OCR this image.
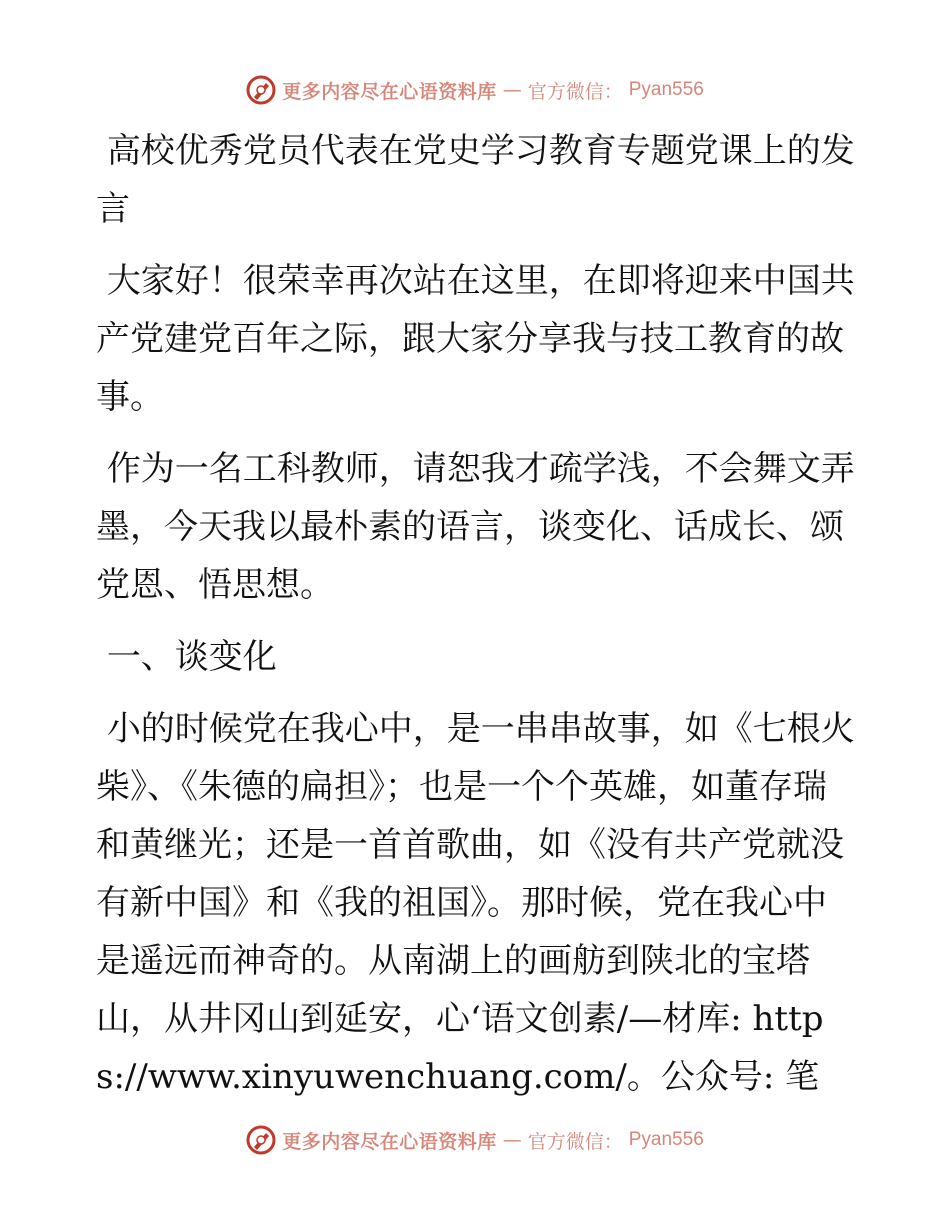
更多内容尽在心语资料库 — 官方微信： Pyan556

高校优秀党员代表在党史学习教育专题党课上的发言

大家好！很荣幸再次站在这里，在即将迎来中国共产党建党百年之际，跟大家分享我与技工教育的故事。

作为一名工科教师，请恕我才疏学浅，不会舞文弄墨，今天我以最朴素的语言，谈变化、话成长、颂党恩、悟思想。

一、谈变化

小的时候党在我心中，是一串串故事，如《七根火柴》、《朱德的扁担》；也是一个个英雄，如董存瑞和黄继光；还是一首首歌曲，如《没有共产党就没有新中国》和《我的祖国》。那时候，党在我心中是遥远而神奇的。从南湖上的画舫到陕北的宝塔山，从井冈山到延安，心‘语文创素/—材库: https://www.xinyuwenchuang.com/。公众号: 笔

更多内容尽在心语资料库 — 官方微信： Pyan556
